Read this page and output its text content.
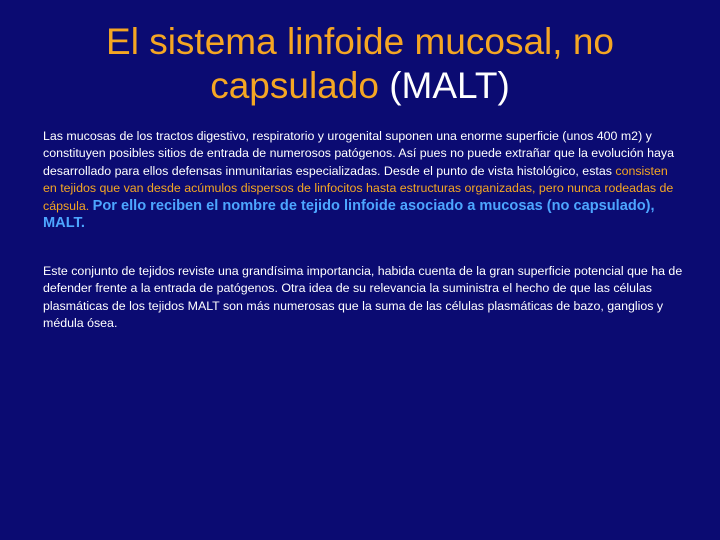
El sistema linfoide mucosal, no capsulado (MALT)

Las mucosas de los tractos digestivo, respiratorio y urogenital suponen una enorme superficie (unos 400 m2) y constituyen posibles sitios de entrada de numerosos patógenos. Así pues no puede extrañar que la evolución haya desarrollado para ellos defensas inmunitarias especializadas. Desde el punto de vista histológico, estas consisten en tejidos que van desde acúmulos dispersos de linfocitos hasta estructuras organizadas, pero nunca rodeadas de cápsula. Por ello reciben el nombre de tejido linfoide asociado a mucosas (no capsulado), MALT.

Este conjunto de tejidos reviste una grandísima importancia, habida cuenta de la gran superficie potencial que ha de defender frente a la entrada de patógenos. Otra idea de su relevancia la suministra el hecho de que las células plasmáticas de los tejidos MALT son más numerosas que la suma de las células plasmáticas de bazo, ganglios y médula ósea.
